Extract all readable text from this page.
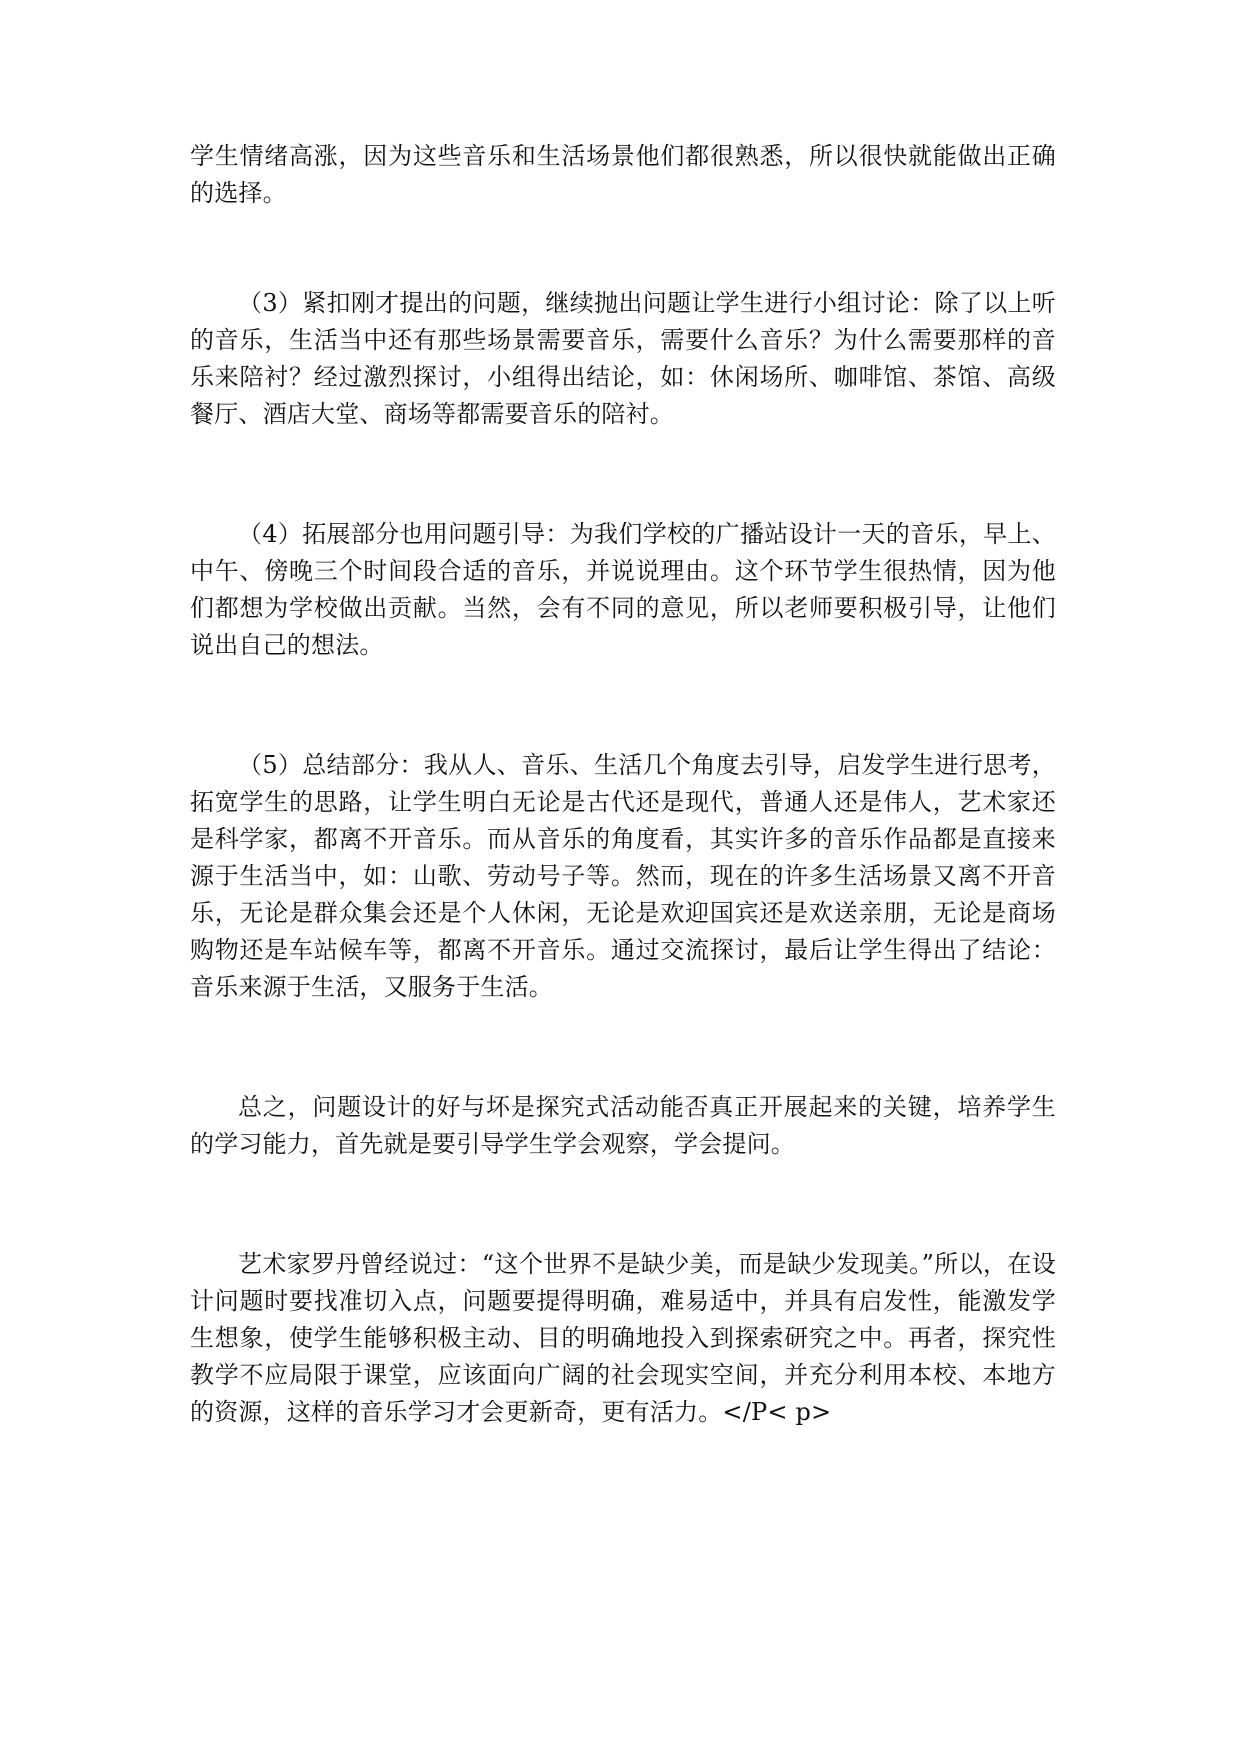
学生情绪高涨，因为这些音乐和生活场景他们都很熟悉，所以很快就能做出正确的选择。

（3）紧扣刚才提出的问题，继续抛出问题让学生进行小组讨论：除了以上听的音乐，生活当中还有那些场景需要音乐，需要什么音乐？为什么需要那样的音乐来陪衬？经过激烈探讨，小组得出结论，如：休闲场所、咖啡馆、茶馆、高级餐厅、酒店大堂、商场等都需要音乐的陪衬。

（4）拓展部分也用问题引导：为我们学校的广播站设计一天的音乐，早上、中午、傍晚三个时间段合适的音乐，并说说理由。这个环节学生很热情，因为他们都想为学校做出贡献。当然，会有不同的意见，所以老师要积极引导，让他们说出自己的想法。

（5）总结部分：我从人、音乐、生活几个角度去引导，启发学生进行思考，拓宽学生的思路，让学生明白无论是古代还是现代，普通人还是伟人，艺术家还是科学家，都离不开音乐。而从音乐的角度看，其实许多的音乐作品都是直接来源于生活当中，如：山歌、劳动号子等。然而，现在的许多生活场景又离不开音乐，无论是群众集会还是个人休闲，无论是欢迎国宾还是欢送亲朋，无论是商场购物还是车站候车等，都离不开音乐。通过交流探讨，最后让学生得出了结论：音乐来源于生活，又服务于生活。

总之，问题设计的好与坏是探究式活动能否真正开展起来的关键，培养学生的学习能力，首先就是要引导学生学会观察，学会提问。

艺术家罗丹曾经说过：“这个世界不是缺少美，而是缺少发现美。”所以，在设计问题时要找准切入点，问题要提得明确，难易适中，并具有启发性，能激发学生想象，使学生能够积极主动、目的明确地投入到探索研究之中。再者，探究性教学不应局限于课堂，应该面向广阔的社会现实空间，并充分利用本校、本地方的资源，这样的音乐学习才会更新奇，更有活力。</P< p>
